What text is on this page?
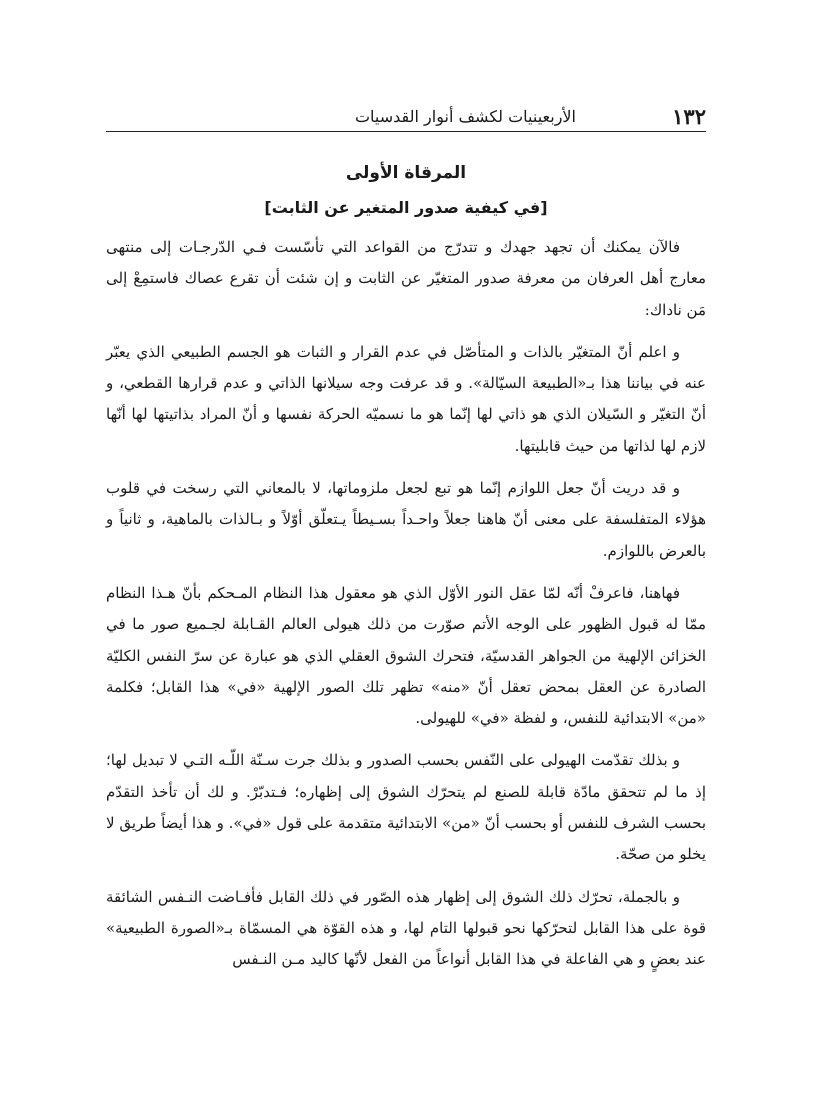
١٣٢
الأربعينيات لكشف أنوار القدسيات
المرقاة الأولى
[في كيفية صدور المتغير عن الثابت]

فالآن يمكنك أن تجهد جهدك و تتدرّج من القواعد التي تأسّست فـي الدّرجـات إلى منتهى معارج أهل العرفان من معرفة صدور المتغيّر عن الثابت و إن شئت أن تقرع عصاك فاستمِعْ إلى مَن ناداك:

و اعلم أنّ المتغيّر بالذات و المتأصّل في عدم القرار و الثبات هو الجسم الطبيعي الذي يعبّر عنه في بياننا هذا بـ«الطبيعة السيّالة». و قد عرفت وجه سيلانها الذاتي و عدم قرارها القطعي، و أنّ التغيّر و السّيلان الذي هو ذاتي لها إنّما هو ما نسميّه الحركة نفسها و أنّ المراد بذاتيتها لها أنّها لازم لها لذاتها من حيث قابليتها.

و قد دريت أنّ جعل اللوازم إنّما هو تبع لجعل ملزوماتها، لا بالمعاني التي رسخت في قلوب هؤلاء المتفلسفة على معنى أنّ هاهنا جعلاً واحـداً بسـيطاً يـتعلّق أوّلاً و بـالذات بالماهية، و ثانياً و بالعرض باللوازم.

فهاهنا، فاعرفْ أنّه لمّا عقل النور الأوّل الذي هو معقول هذا النظام المـحكم بأنّ هـذا النظام ممّا له قبول الظهور على الوجه الأتم صوّرت من ذلك هيولى العالم القـابلة لجـميع صور ما في الخزائن الإلهية من الجواهر القدسيّة، فتحرك الشوق العقلي الذي هو عبارة عن سرّ النفس الكليّة الصادرة عن العقل بمحض تعقل أنّ «منه» تظهر تلك الصور الإلهية «في» هذا القابل؛ فكلمة «من» الابتدائية للنفس، و لفظة «في» للهيولى.

و بذلك تقدّمت الهيولى على النّفس بحسب الصدور و بذلك جرت سـنّة اللّـه التـي لا تبديل لها؛ إذ ما لم تتحقق مادّة قابلة للصنع لم يتحرّك الشوق إلى إظهاره؛ فـتدبّرْ. و لك أن تأخذ التقدّم بحسب الشرف للنفس أو بحسب أنّ «من» الابتدائية متقدمة على قول «في». و هذا أيضاً طريق لا يخلو من صحّة.

و بالجملة، تحرّك ذلك الشوق إلى إظهار هذه الصّور في ذلك القابل فأفـاضت النـفس الشائقة قوة على هذا القابل لتحرّكها نحو قبولها التام لها، و هذه القوّة هي المسمّاة بـ«الصورة الطبيعية» عند بعضٍ و هي الفاعلة في هذا القابل أنواعاً من الفعل لأنّها كاليد مـن النـفس
